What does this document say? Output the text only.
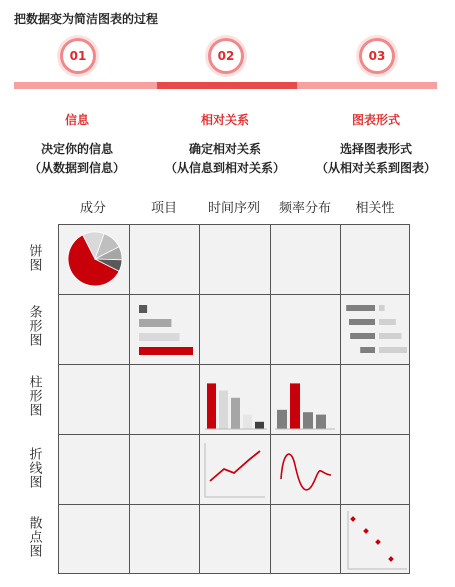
把数据变为简洁图表的过程
01	02	03
信息	相对关系	图表形式
决定你的信息
（从数据到信息）
确定相对关系
（从信息到相对关系）
选择图表形式
（从相对关系到图表）
成分	项目	时间序列	频率分布	相关性
饼图
条形图
柱形图
折线图
散点图
